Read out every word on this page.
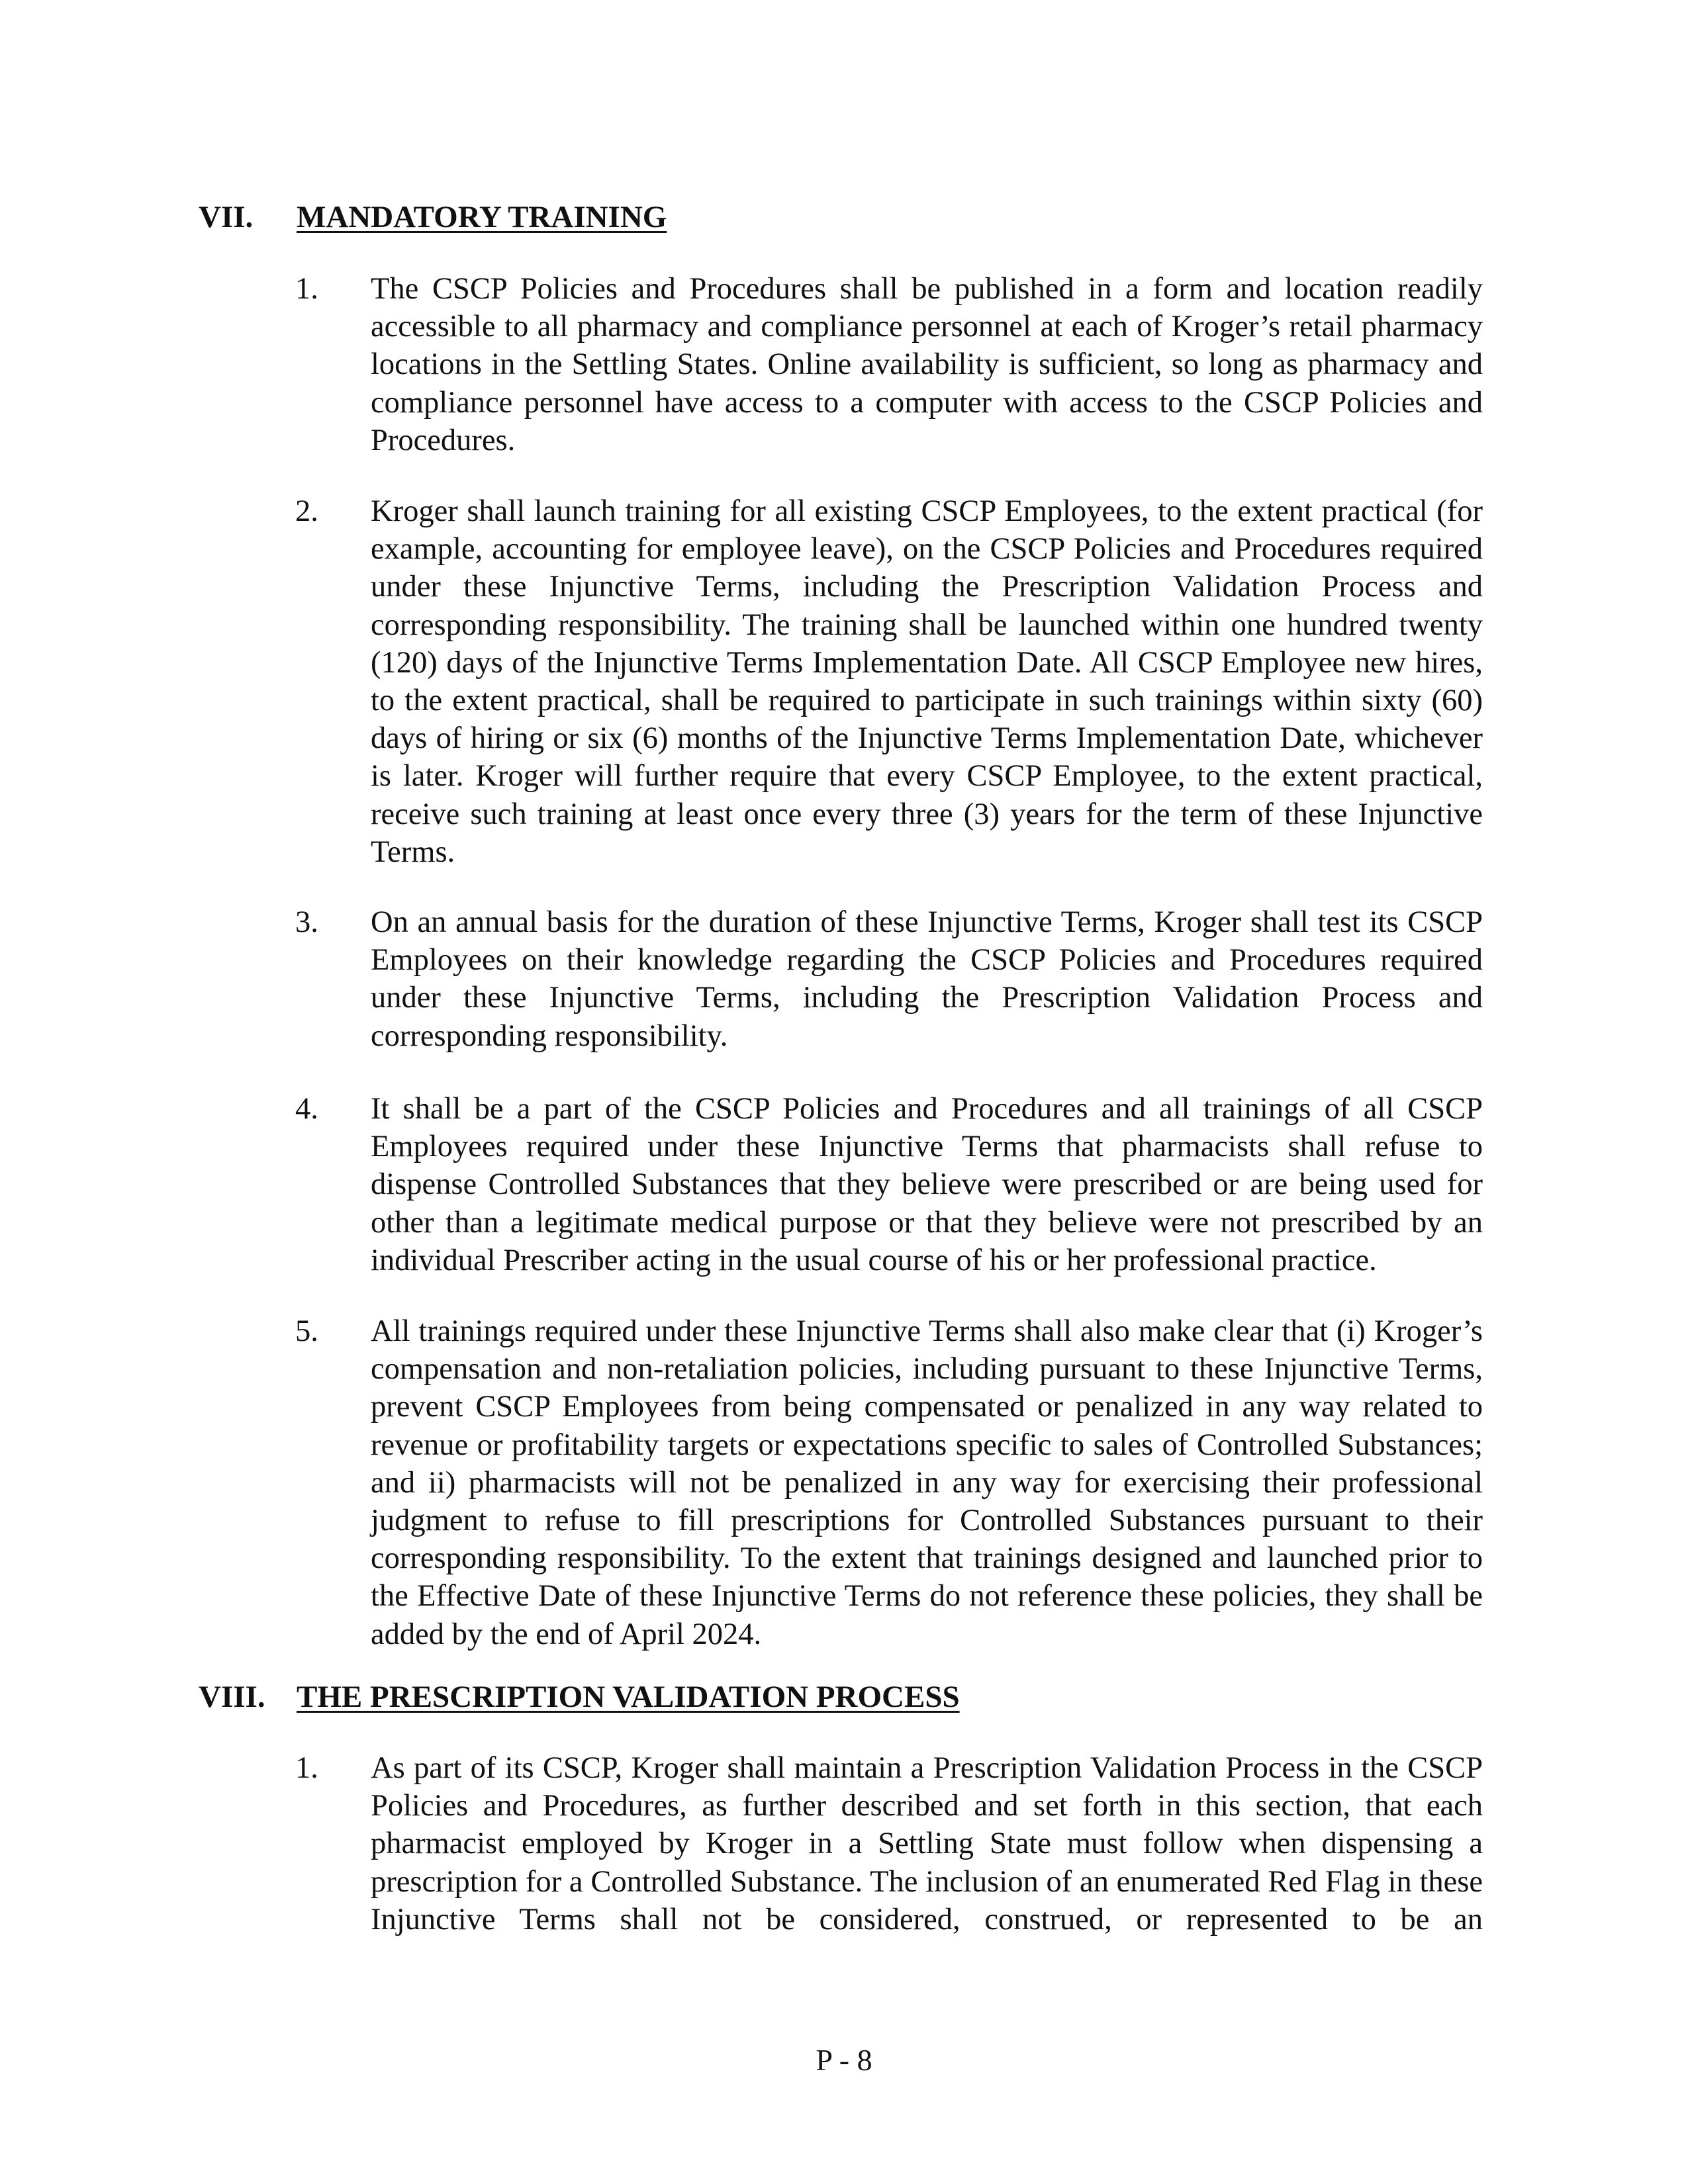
VII. MANDATORY TRAINING
1. The CSCP Policies and Procedures shall be published in a form and location readily accessible to all pharmacy and compliance personnel at each of Kroger’s retail pharmacy locations in the Settling States. Online availability is sufficient, so long as pharmacy and compliance personnel have access to a computer with access to the CSCP Policies and Procedures.
2. Kroger shall launch training for all existing CSCP Employees, to the extent practical (for example, accounting for employee leave), on the CSCP Policies and Procedures required under these Injunctive Terms, including the Prescription Validation Process and corresponding responsibility. The training shall be launched within one hundred twenty (120) days of the Injunctive Terms Implementation Date. All CSCP Employee new hires, to the extent practical, shall be required to participate in such trainings within sixty (60) days of hiring or six (6) months of the Injunctive Terms Implementation Date, whichever is later. Kroger will further require that every CSCP Employee, to the extent practical, receive such training at least once every three (3) years for the term of these Injunctive Terms.
3. On an annual basis for the duration of these Injunctive Terms, Kroger shall test its CSCP Employees on their knowledge regarding the CSCP Policies and Procedures required under these Injunctive Terms, including the Prescription Validation Process and corresponding responsibility.
4. It shall be a part of the CSCP Policies and Procedures and all trainings of all CSCP Employees required under these Injunctive Terms that pharmacists shall refuse to dispense Controlled Substances that they believe were prescribed or are being used for other than a legitimate medical purpose or that they believe were not prescribed by an individual Prescriber acting in the usual course of his or her professional practice.
5. All trainings required under these Injunctive Terms shall also make clear that (i) Kroger’s compensation and non-retaliation policies, including pursuant to these Injunctive Terms, prevent CSCP Employees from being compensated or penalized in any way related to revenue or profitability targets or expectations specific to sales of Controlled Substances; and ii) pharmacists will not be penalized in any way for exercising their professional judgment to refuse to fill prescriptions for Controlled Substances pursuant to their corresponding responsibility. To the extent that trainings designed and launched prior to the Effective Date of these Injunctive Terms do not reference these policies, they shall be added by the end of April 2024.
VIII. THE PRESCRIPTION VALIDATION PROCESS
1. As part of its CSCP, Kroger shall maintain a Prescription Validation Process in the CSCP Policies and Procedures, as further described and set forth in this section, that each pharmacist employed by Kroger in a Settling State must follow when dispensing a prescription for a Controlled Substance. The inclusion of an enumerated Red Flag in these Injunctive Terms shall not be considered, construed, or represented to be an
P - 8
